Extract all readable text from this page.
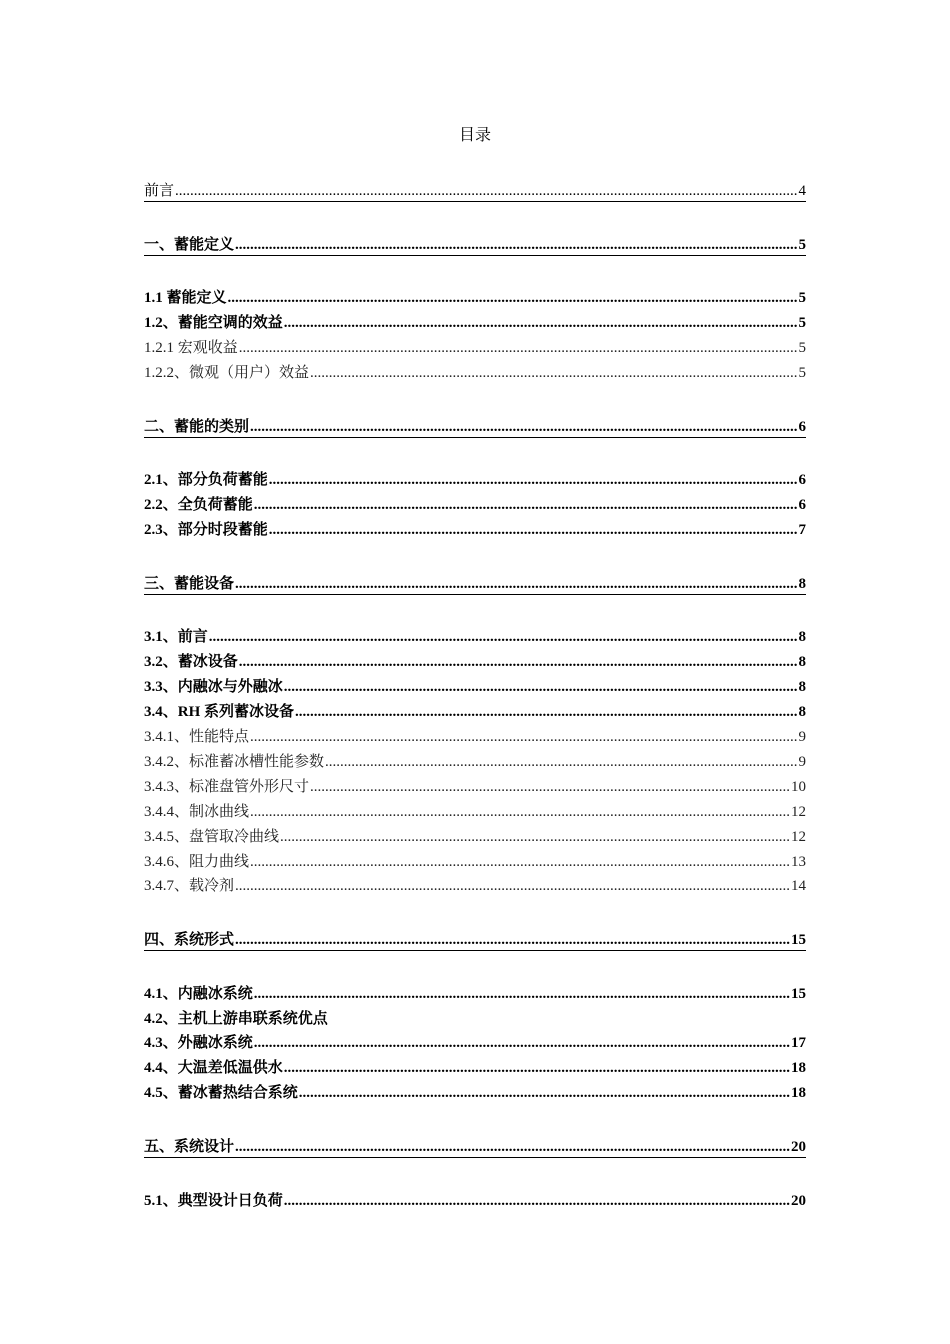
目录
前言 .....	4
一、蓄能定义 .....	5
1.1 蓄能定义 .....	5
1.2、蓄能空调的效益 .....	5
1.2.1 宏观收益 .....	5
1.2.2、微观（用户）效益 .....	5
二、蓄能的类别 .....	6
2.1、部分负荷蓄能 .....	6
2.2、全负荷蓄能 .....	6
2.3、部分时段蓄能 .....	7
三、蓄能设备 .....	8
3.1、前言 .....	8
3.2、蓄冰设备 .....	8
3.3、内融冰与外融冰 .....	8
3.4、RH 系列蓄冰设备 .....	8
3.4.1、性能特点 .....	9
3.4.2、标准蓄冰槽性能参数 .....	9
3.4.3、标准盘管外形尺寸 .....	10
3.4.4、制冰曲线 .....	12
3.4.5、盘管取冷曲线 .....	12
3.4.6、阻力曲线 .....	13
3.4.7、载冷剂 .....	14
四、系统形式 .....	15
4.1、内融冰系统 .....	15
4.2、主机上游串联系统优点
4.3、外融冰系统 .....	17
4.4、大温差低温供水 .....	18
4.5、蓄冰蓄热结合系统 .....	18
五、系统设计 .....	20
5.1、典型设计日负荷 .....	20
